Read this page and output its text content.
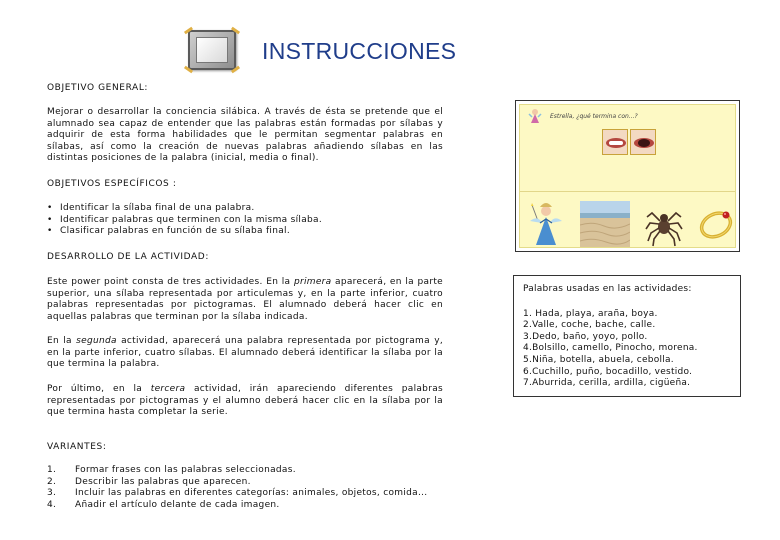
INSTRUCCIONES
OBJETIVO GENERAL:
Mejorar o desarrollar la conciencia silábica. A través de ésta se pretende que el alumnado sea capaz de entender que las palabras están formadas por sílabas y adquirir de esta forma habilidades que le permitan segmentar palabras en sílabas, así como la creación de nuevas palabras añadiendo sílabas en las distintas posiciones de la palabra (inicial, media o final).
OBJETIVOS ESPECÍFICOS :
• Identificar la sílaba final de una palabra.
• Identificar palabras que terminen con la misma sílaba.
• Clasificar palabras en función de su sílaba final.
DESARROLLO DE LA ACTIVIDAD:
Este power point consta de tres actividades. En la primera aparecerá, en la parte superior, una sílaba representada por articulemas y, en la parte inferior, cuatro palabras representadas por pictogramas. El alumnado deberá hacer clic en aquellas palabras que terminan por la sílaba indicada.
En la segunda actividad, aparecerá una palabra representada por pictograma y, en la parte inferior, cuatro sílabas. El alumnado deberá identificar la sílaba por la que termina la palabra.
Por último, en la tercera actividad, irán apareciendo diferentes palabras representadas por pictogramas y el alumno deberá hacer clic en la sílaba por la que termina hasta completar la serie.
VARIANTES:
1.	Formar frases con las palabras seleccionadas.
2.	Describir las palabras que aparecen.
3.	Incluir las palabras en diferentes categorías: animales, objetos, comida...
4.	Añadir el artículo delante de cada imagen.
Estrella, ¿qué termina con...?
Palabras usadas en las actividades:
1. Hada, playa, araña, boya.
2.Valle, coche, bache, calle.
3.Dedo, baño, yoyo, pollo.
4.Bolsillo, camello, Pinocho, morena.
5.Niña, botella, abuela, cebolla.
6.Cuchillo, puño, bocadillo, vestido.
7.Aburrida, cerilla, ardilla, cigüeña.
